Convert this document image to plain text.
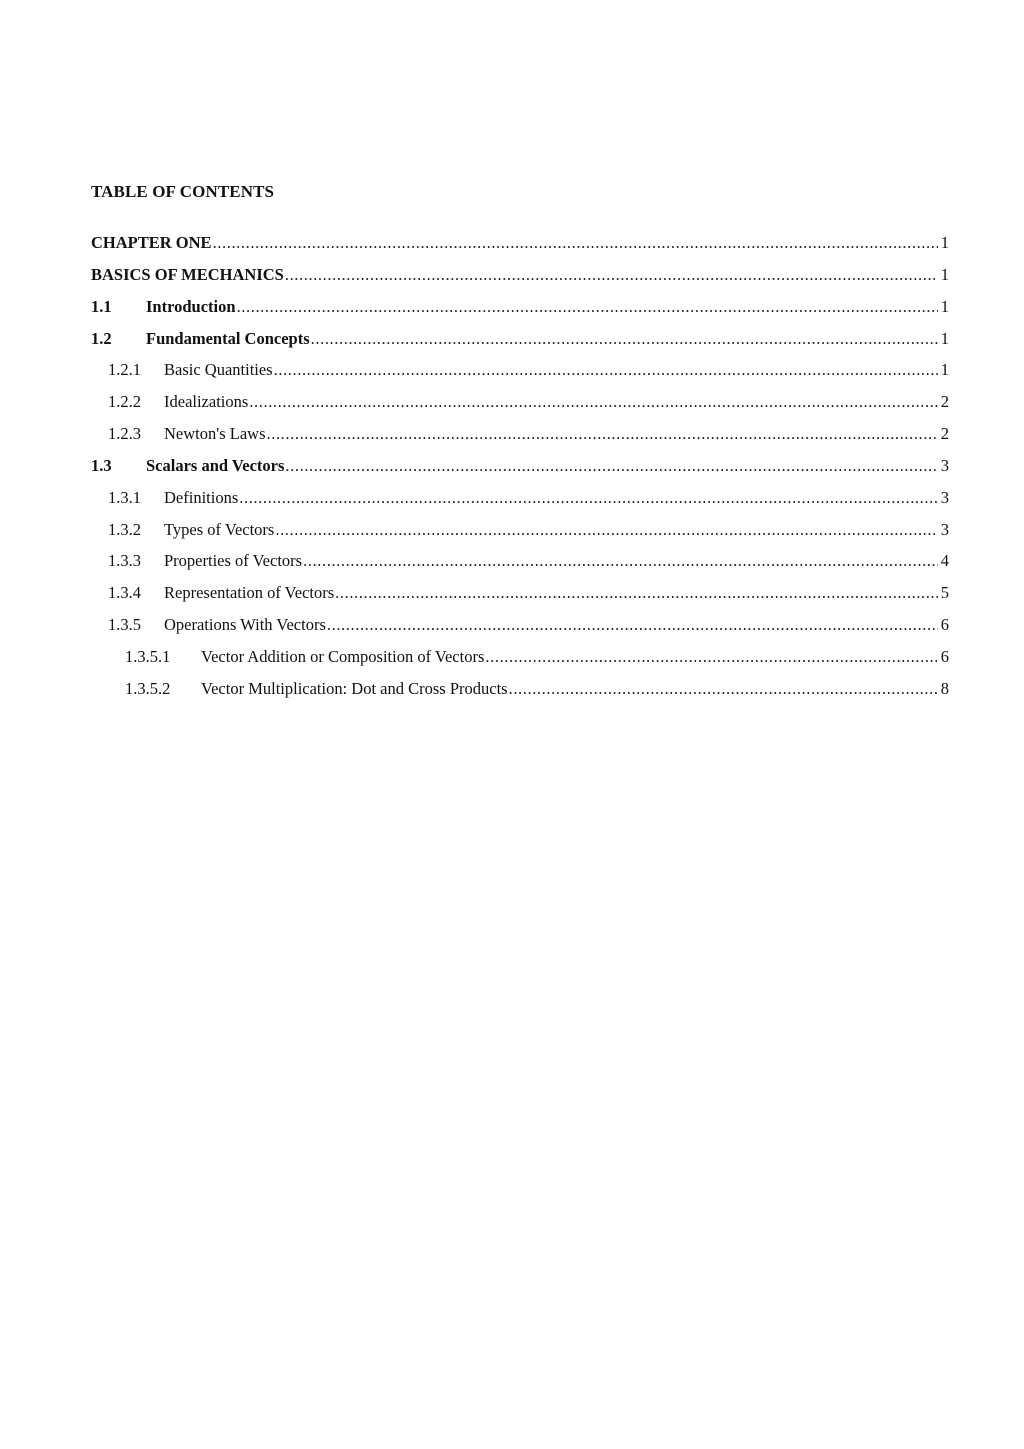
TABLE OF CONTENTS
CHAPTER ONE .....	1
BASICS OF MECHANICS .....	1
1.1	Introduction .....	1
1.2	Fundamental Concepts .....	1
1.2.1	Basic Quantities .....	1
1.2.2	Idealizations .....	2
1.2.3	Newton's Laws .....	2
1.3	Scalars and Vectors .....	3
1.3.1	Definitions .....	3
1.3.2	Types of Vectors .....	3
1.3.3	Properties of Vectors .....	4
1.3.4	Representation of Vectors .....	5
1.3.5	Operations With Vectors .....	6
1.3.5.1	Vector Addition or Composition of Vectors .....	6
1.3.5.2	Vector Multiplication: Dot and Cross Products .....	8
